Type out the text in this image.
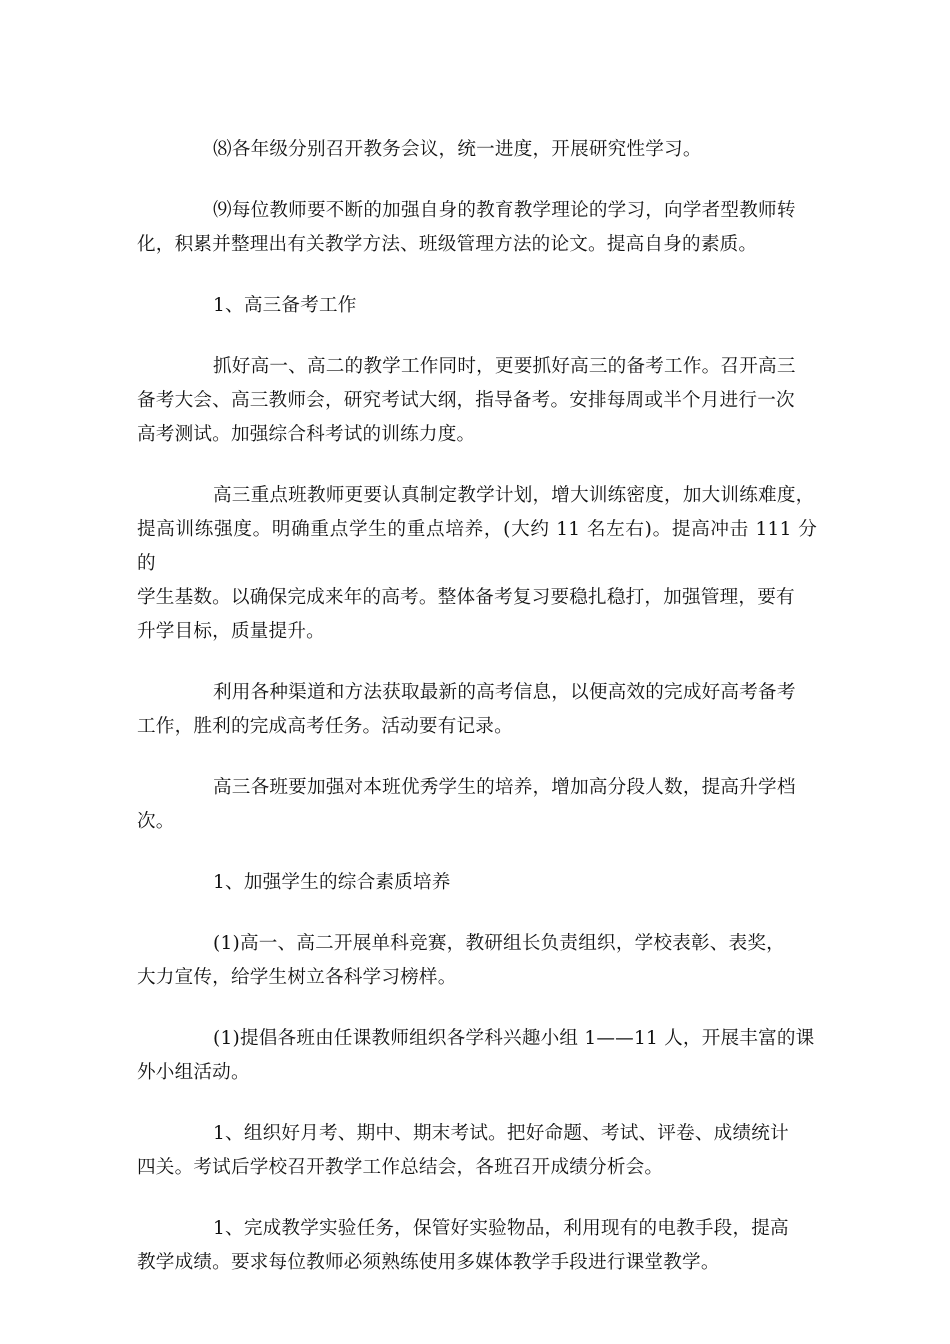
⑻各年级分别召开教务会议，统一进度，开展研究性学习。

⑼每位教师要不断的加强自身的教育教学理论的学习，向学者型教师转
化，积累并整理出有关教学方法、班级管理方法的论文。提高自身的素质。

1、高三备考工作

抓好高一、高二的教学工作同时，更要抓好高三的备考工作。召开高三
备考大会、高三教师会，研究考试大纲，指导备考。安排每周或半个月进行一次
高考测试。加强综合科考试的训练力度。

高三重点班教师更要认真制定教学计划，增大训练密度，加大训练难度，
提高训练强度。明确重点学生的重点培养，(大约 11 名左右)。提高冲击 111 分的
学生基数。以确保完成来年的高考。整体备考复习要稳扎稳打，加强管理，要有
升学目标，质量提升。

利用各种渠道和方法获取最新的高考信息，以便高效的完成好高考备考
工作，胜利的完成高考任务。活动要有记录。

高三各班要加强对本班优秀学生的培养，增加高分段人数，提高升学档
次。

1、加强学生的综合素质培养

(1)高一、高二开展单科竞赛，教研组长负责组织，学校表彰、表奖，
大力宣传，给学生树立各科学习榜样。

(1)提倡各班由任课教师组织各学科兴趣小组 1——11 人，开展丰富的课
外小组活动。

1、组织好月考、期中、期末考试。把好命题、考试、评卷、成绩统计
四关。考试后学校召开教学工作总结会，各班召开成绩分析会。

1、完成教学实验任务，保管好实验物品，利用现有的电教手段，提高
教学成绩。要求每位教师必须熟练使用多媒体教学手段进行课堂教学。
